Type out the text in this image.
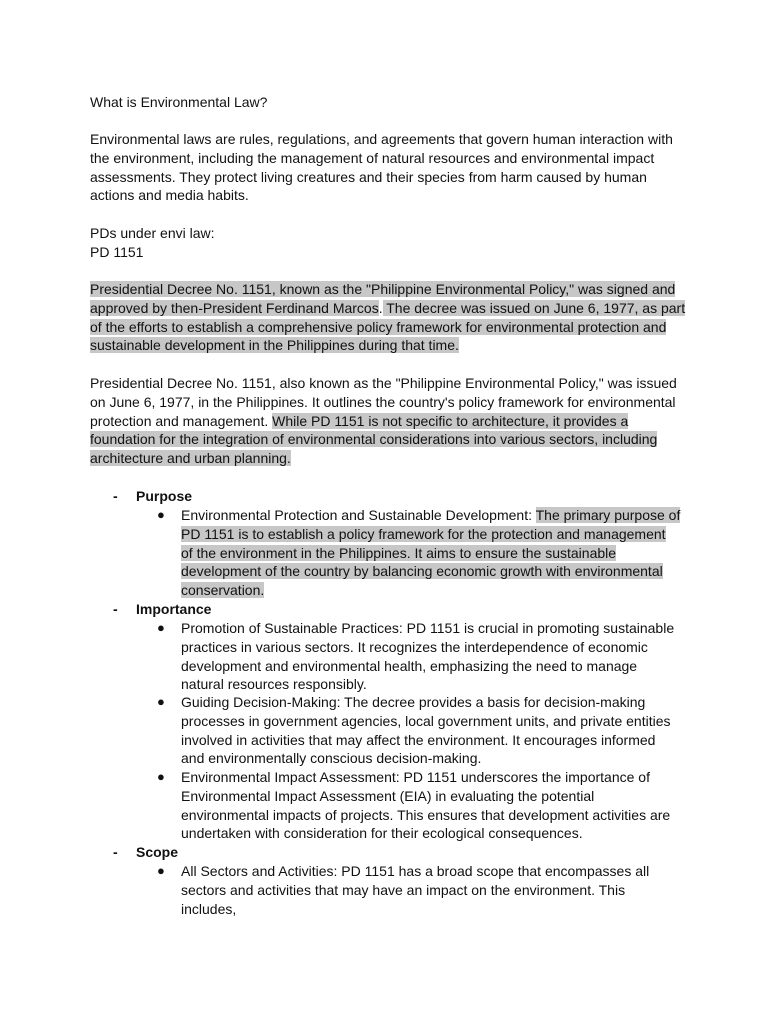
What is Environmental Law?

Environmental laws are rules, regulations, and agreements that govern human interaction with the environment, including the management of natural resources and environmental impact assessments. They protect living creatures and their species from harm caused by human actions and media habits.

PDs under envi law:

PD 1151

Presidential Decree No. 1151, known as the "Philippine Environmental Policy," was signed and approved by then-President Ferdinand Marcos. The decree was issued on June 6, 1977, as part of the efforts to establish a comprehensive policy framework for environmental protection and sustainable development in the Philippines during that time.

Presidential Decree No. 1151, also known as the "Philippine Environmental Policy," was issued on June 6, 1977, in the Philippines. It outlines the country's policy framework for environmental protection and management. While PD 1151 is not specific to architecture, it provides a foundation for the integration of environmental considerations into various sectors, including architecture and urban planning.

- Purpose
● Environmental Protection and Sustainable Development: The primary purpose of PD 1151 is to establish a policy framework for the protection and management of the environment in the Philippines. It aims to ensure the sustainable development of the country by balancing economic growth with environmental conservation.
- Importance
● Promotion of Sustainable Practices: PD 1151 is crucial in promoting sustainable practices in various sectors. It recognizes the interdependence of economic development and environmental health, emphasizing the need to manage natural resources responsibly.
● Guiding Decision-Making: The decree provides a basis for decision-making processes in government agencies, local government units, and private entities involved in activities that may affect the environment. It encourages informed and environmentally conscious decision-making.
● Environmental Impact Assessment: PD 1151 underscores the importance of Environmental Impact Assessment (EIA) in evaluating the potential environmental impacts of projects. This ensures that development activities are undertaken with consideration for their ecological consequences.
- Scope
● All Sectors and Activities: PD 1151 has a broad scope that encompasses all sectors and activities that may have an impact on the environment. This includes,
